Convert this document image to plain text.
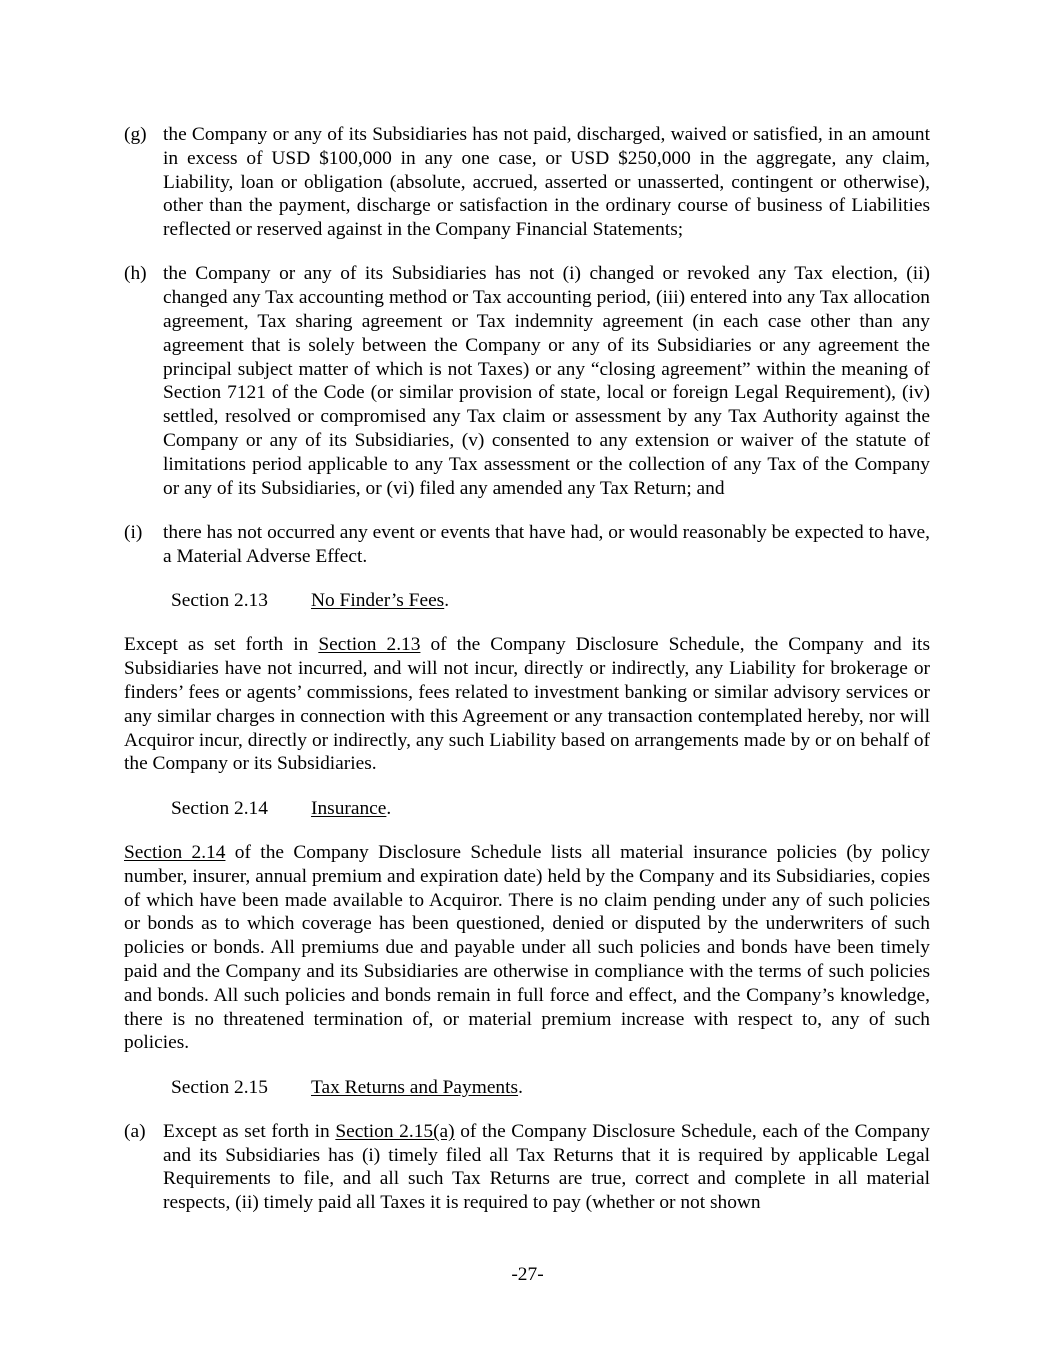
(g) the Company or any of its Subsidiaries has not paid, discharged, waived or satisfied, in an amount in excess of USD $100,000 in any one case, or USD $250,000 in the aggregate, any claim, Liability, loan or obligation (absolute, accrued, asserted or unasserted, contingent or otherwise), other than the payment, discharge or satisfaction in the ordinary course of business of Liabilities reflected or reserved against in the Company Financial Statements;
(h) the Company or any of its Subsidiaries has not (i) changed or revoked any Tax election, (ii) changed any Tax accounting method or Tax accounting period, (iii) entered into any Tax allocation agreement, Tax sharing agreement or Tax indemnity agreement (in each case other than any agreement that is solely between the Company or any of its Subsidiaries or any agreement the principal subject matter of which is not Taxes) or any “closing agreement” within the meaning of Section 7121 of the Code (or similar provision of state, local or foreign Legal Requirement), (iv) settled, resolved or compromised any Tax claim or assessment by any Tax Authority against the Company or any of its Subsidiaries, (v) consented to any extension or waiver of the statute of limitations period applicable to any Tax assessment or the collection of any Tax of the Company or any of its Subsidiaries, or (vi) filed any amended any Tax Return; and
(i) there has not occurred any event or events that have had, or would reasonably be expected to have, a Material Adverse Effect.
Section 2.13 No Finder’s Fees.
Except as set forth in Section 2.13 of the Company Disclosure Schedule, the Company and its Subsidiaries have not incurred, and will not incur, directly or indirectly, any Liability for brokerage or finders’ fees or agents’ commissions, fees related to investment banking or similar advisory services or any similar charges in connection with this Agreement or any transaction contemplated hereby, nor will Acquiror incur, directly or indirectly, any such Liability based on arrangements made by or on behalf of the Company or its Subsidiaries.
Section 2.14 Insurance.
Section 2.14 of the Company Disclosure Schedule lists all material insurance policies (by policy number, insurer, annual premium and expiration date) held by the Company and its Subsidiaries, copies of which have been made available to Acquiror. There is no claim pending under any of such policies or bonds as to which coverage has been questioned, denied or disputed by the underwriters of such policies or bonds. All premiums due and payable under all such policies and bonds have been timely paid and the Company and its Subsidiaries are otherwise in compliance with the terms of such policies and bonds. All such policies and bonds remain in full force and effect, and the Company’s knowledge, there is no threatened termination of, or material premium increase with respect to, any of such policies.
Section 2.15 Tax Returns and Payments.
(a) Except as set forth in Section 2.15(a) of the Company Disclosure Schedule, each of the Company and its Subsidiaries has (i) timely filed all Tax Returns that it is required by applicable Legal Requirements to file, and all such Tax Returns are true, correct and complete in all material respects, (ii) timely paid all Taxes it is required to pay (whether or not shown
-27-
